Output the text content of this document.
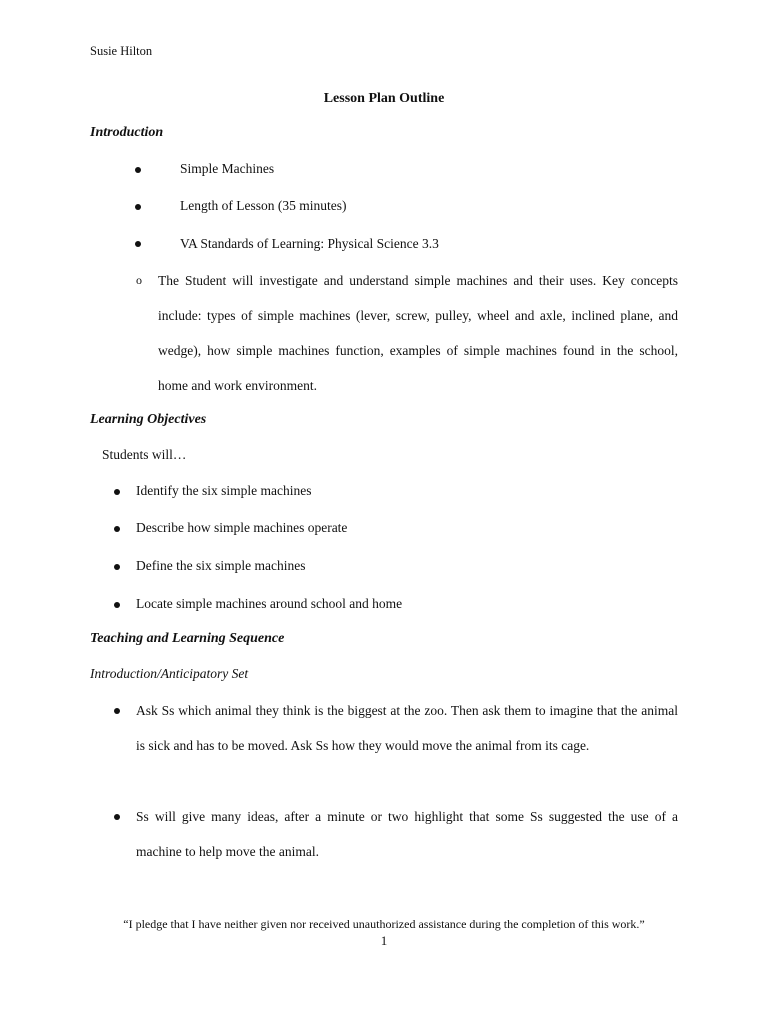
Susie Hilton
Lesson Plan Outline
Introduction
Simple Machines
Length of Lesson (35 minutes)
VA Standards of Learning: Physical Science 3.3
o The Student will investigate and understand simple machines and their uses. Key concepts include: types of simple machines (lever, screw, pulley, wheel and axle, inclined plane, and wedge), how simple machines function, examples of simple machines found in the school, home and work environment.
Learning Objectives
Students will…
Identify the six simple machines
Describe how simple machines operate
Define the six simple machines
Locate simple machines around school and home
Teaching and Learning Sequence
Introduction/Anticipatory Set
Ask Ss which animal they think is the biggest at the zoo. Then ask them to imagine that the animal is sick and has to be moved. Ask Ss how they would move the animal from its cage.
Ss will give many ideas, after a minute or two highlight that some Ss suggested the use of a machine to help move the animal.
“I pledge that I have neither given nor received unauthorized assistance during the completion of this work.”
1
